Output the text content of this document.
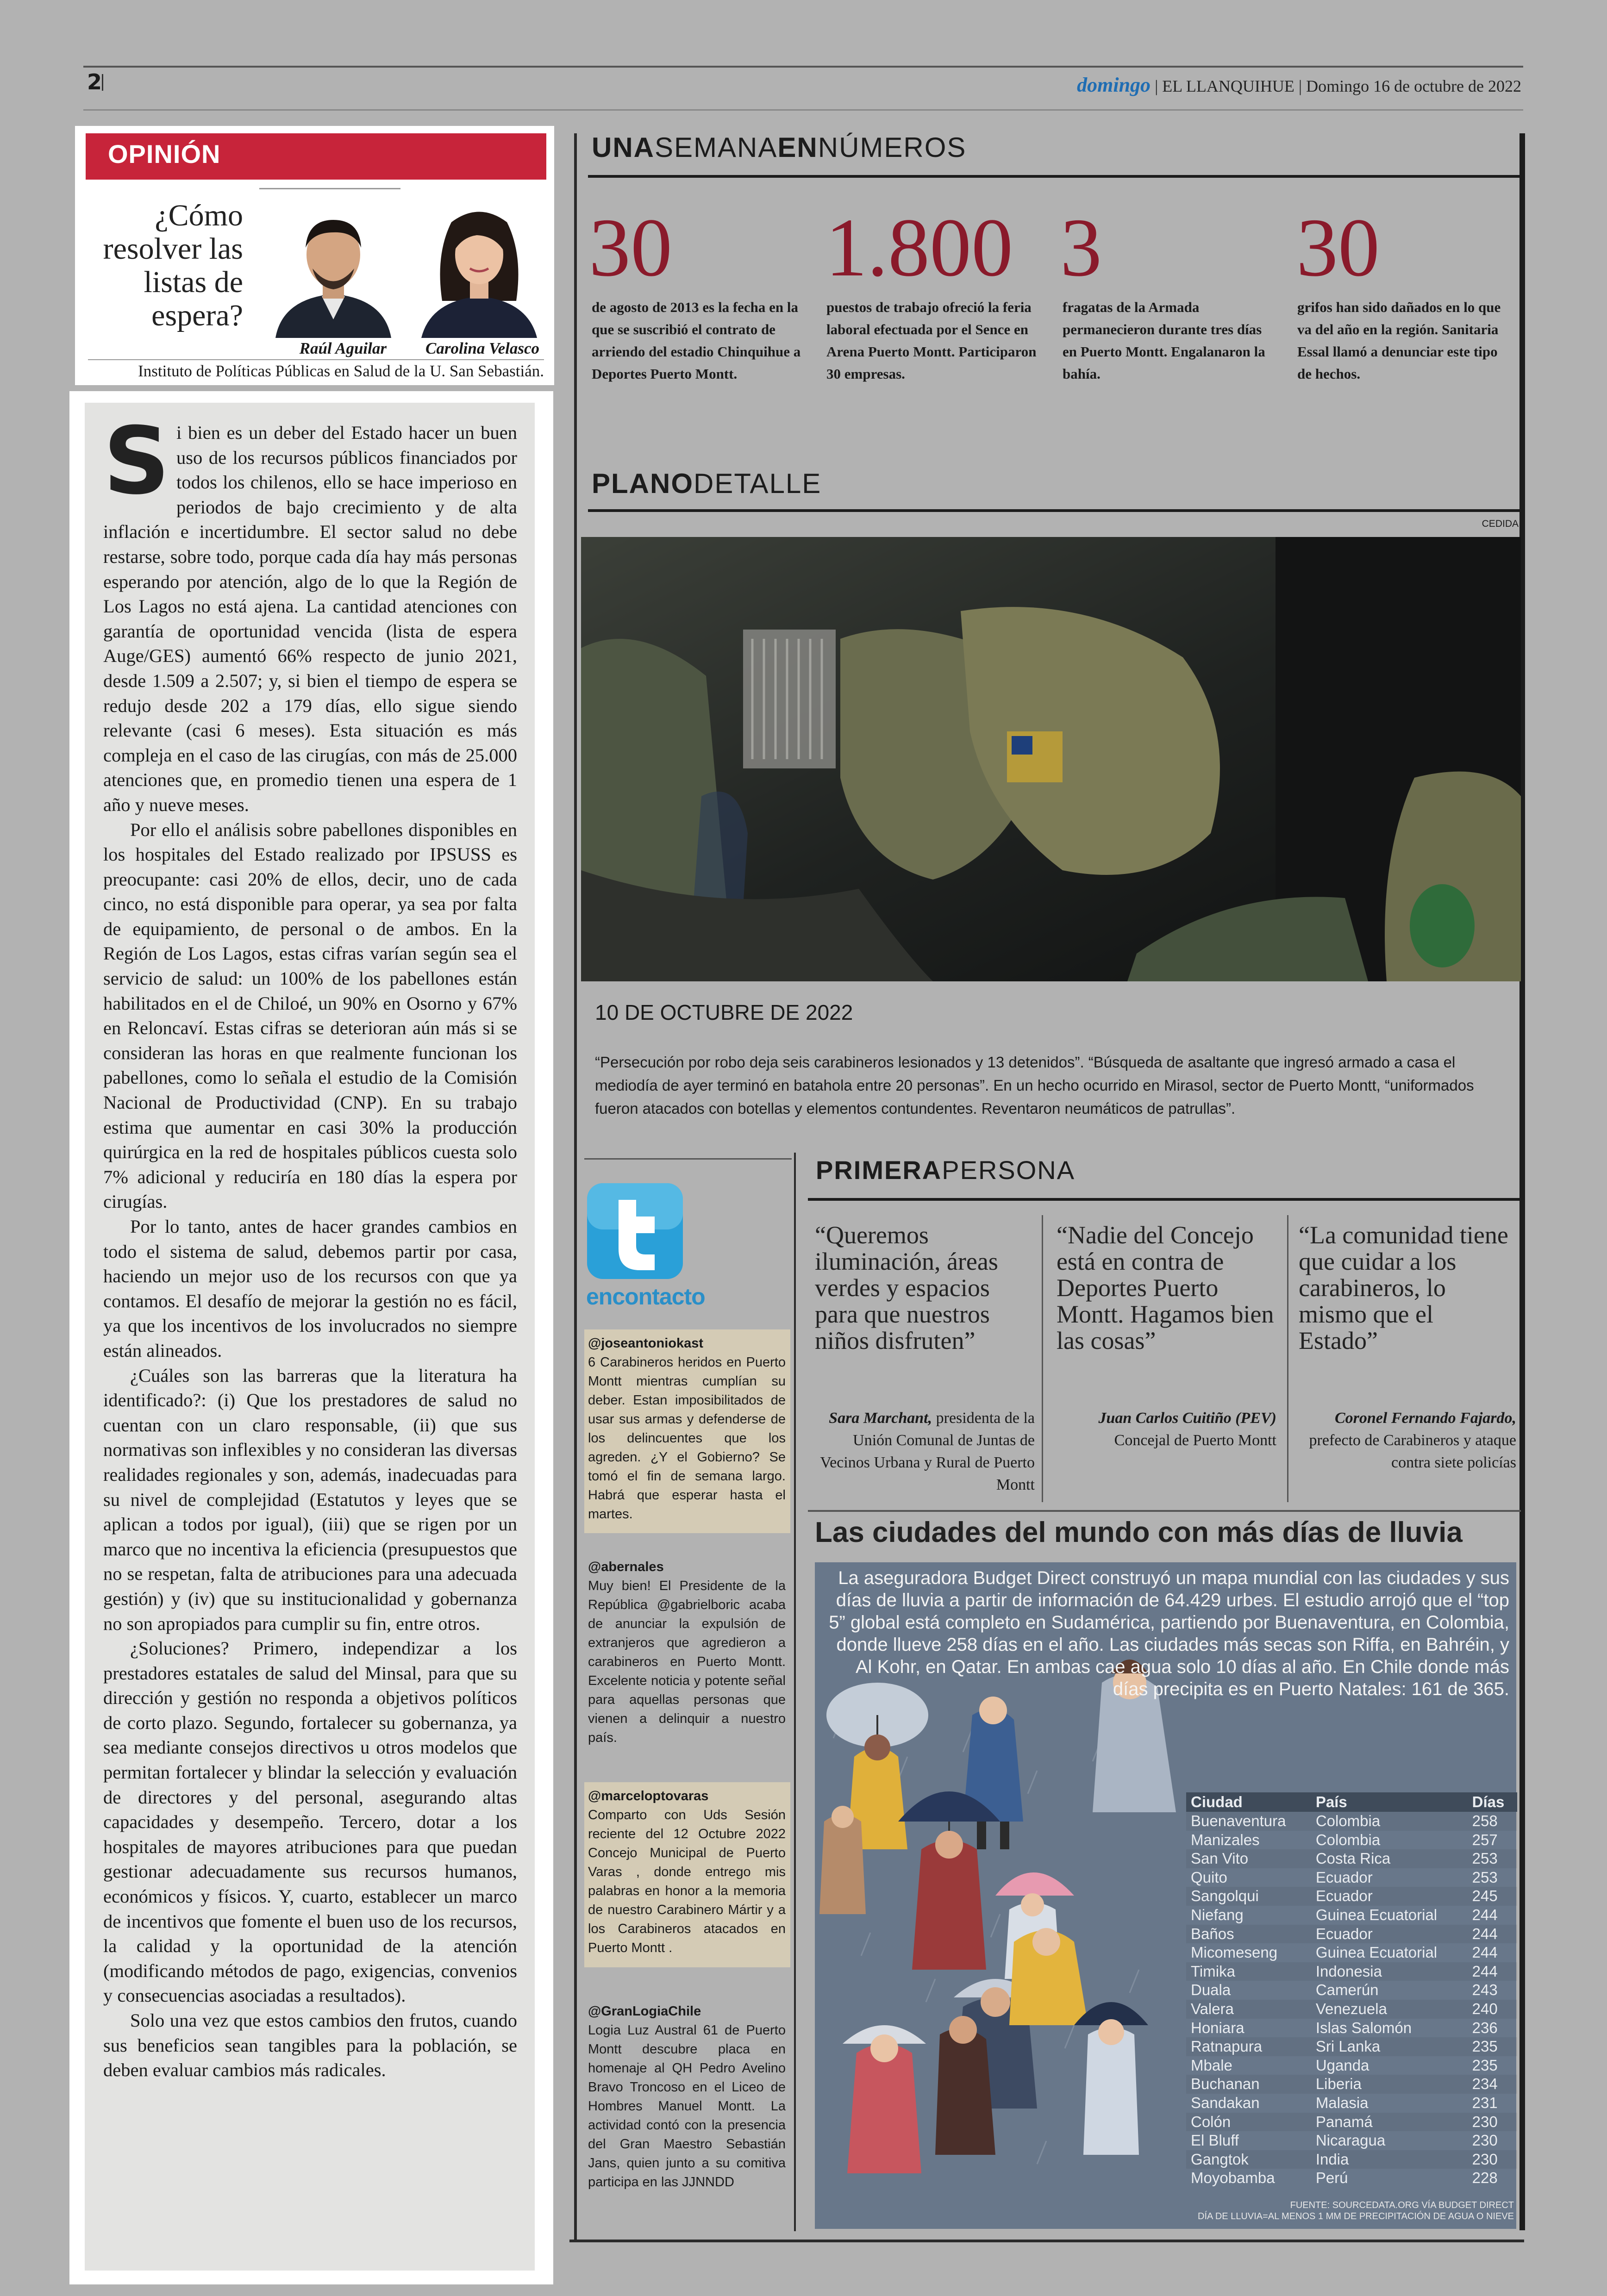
2	domingo | EL LLANQUIHUE | Domingo 16 de octubre de 2022
OPINIÓN
¿Cómo resolver las listas de espera?
Raúl Aguilar	Carolina Velasco
Instituto de Políticas Públicas en Salud de la U. San Sebastián.

Si bien es un deber del Estado hacer un buen uso de los recursos públicos financiados por todos los chilenos, ello se hace imperioso en periodos de bajo crecimiento y de alta inflación e incertidumbre. El sector salud no debe restarse, sobre todo, porque cada día hay más personas esperando por atención, algo de lo que la Región de Los Lagos no está ajena. La cantidad atenciones con garantía de oportunidad vencida (lista de espera Auge/GES) aumentó 66% respecto de junio 2021, desde 1.509 a 2.507; y, si bien el tiempo de espera se redujo desde 202 a 179 días, ello sigue siendo relevante (casi 6 meses). Esta situación es más compleja en el caso de las cirugías, con más de 25.000 atenciones que, en promedio tienen una espera de 1 año y nueve meses.

Por ello el análisis sobre pabellones disponibles en los hospitales del Estado realizado por IPSUSS es preocupante: casi 20% de ellos, decir, uno de cada cinco, no está disponible para operar, ya sea por falta de equipamiento, de personal o de ambos. En la Región de Los Lagos, estas cifras varían según sea el servicio de salud: un 100% de los pabellones están habilitados en el de Chiloé, un 90% en Osorno y 67% en Reloncaví. Estas cifras se deterioran aún más si se consideran las horas en que realmente funcionan los pabellones, como lo señala el estudio de la Comisión Nacional de Productividad (CNP). En su trabajo estima que aumentar en casi 30% la producción quirúrgica en la red de hospitales públicos cuesta solo 7% adicional y reduciría en 180 días la espera por cirugías.

Por lo tanto, antes de hacer grandes cambios en todo el sistema de salud, debemos partir por casa, haciendo un mejor uso de los recursos con que ya contamos. El desafío de mejorar la gestión no es fácil, ya que los incentivos de los involucrados no siempre están alineados.

¿Cuáles son las barreras que la literatura ha identificado?: (i) Que los prestadores de salud no cuentan con un claro responsable, (ii) que sus normativas son inflexibles y no consideran las diversas realidades regionales y son, además, inadecuadas para su nivel de complejidad (Estatutos y leyes que se aplican a todos por igual), (iii) que se rigen por un marco que no incentiva la eficiencia (presupuestos que no se respetan, falta de atribuciones para una adecuada gestión) y (iv) que su institucionalidad y gobernanza no son apropiados para cumplir su fin, entre otros.

¿Soluciones? Primero, independizar a los prestadores estatales de salud del Minsal, para que su dirección y gestión no responda a objetivos políticos de corto plazo. Segundo, fortalecer su gobernanza, ya sea mediante consejos directivos u otros modelos que permitan fortalecer y blindar la selección y evaluación de directores y del personal, asegurando altas capacidades y desempeño. Tercero, dotar a los hospitales de mayores atribuciones para que puedan gestionar adecuadamente sus recursos humanos, económicos y físicos. Y, cuarto, establecer un marco de incentivos que fomente el buen uso de los recursos, la calidad y la oportunidad de la atención (modificando métodos de pago, exigencias, convenios y consecuencias asociadas a resultados).

Solo una vez que estos cambios den frutos, cuando sus beneficios sean tangibles para la población, se deben evaluar cambios más radicales.

UNASEMANAENNÚMEROS
30
de agosto de 2013 es la fecha en la que se suscribió el contrato de arriendo del estadio Chinquihue a Deportes Puerto Montt.
1.800
puestos de trabajo ofreció la feria laboral efectuada por el Sence en Arena Puerto Montt. Participaron 30 empresas.
3
fragatas de la Armada permanecieron durante tres días en Puerto Montt. Engalanaron la bahía.
30
grifos han sido dañados en lo que va del año en la región. Sanitaria Essal llamó a denunciar este tipo de hechos.
PLANODETALLE
CEDIDA
10 DE OCTUBRE DE 2022
“Persecución por robo deja seis carabineros lesionados y 13 detenidos”. “Búsqueda de asaltante que ingresó armado a casa el mediodía de ayer terminó en batahola entre 20 personas”. En un hecho ocurrido en Mirasol, sector de Puerto Montt, “uniformados fueron atacados con botellas y elementos contundentes. Reventaron neumáticos de patrullas”.
encontacto
@joseantoniokast
6 Carabineros heridos en Puerto Montt mientras cumplían su deber. Estan imposibilitados de usar sus armas y defenderse de los delincuentes que los agreden. ¿Y el Gobierno? Se tomó el fin de semana largo. Habrá que esperar hasta el martes.
@abernales
Muy bien! El Presidente de la República @gabrielboric acaba de anunciar la expulsión de extranjeros que agredieron a carabineros en Puerto Montt. Excelente noticia y potente señal para aquellas personas que vienen a delinquir a nuestro país.
@marceloptovaras
Comparto con Uds Sesión reciente del 12 Octubre 2022 Concejo Municipal de Puerto Varas , donde entrego mis palabras en honor a la memoria de nuestro Carabinero Mártir y a los Carabineros atacados en Puerto Montt .
@GranLogiaChile
Logia Luz Austral 61 de Puerto Montt descubre placa en homenaje al QH Pedro Avelino Bravo Troncoso en el Liceo de Hombres Manuel Montt. La actividad contó con la presencia del Gran Maestro Sebastián Jans, quien junto a su comitiva participa en las JJNNDD
PRIMERAPERSONA
“Queremos iluminación, áreas verdes y espacios para que nuestros niños disfruten”
Sara Marchant, presidenta de la Unión Comunal de Juntas de Vecinos Urbana y Rural de Puerto Montt
“Nadie del Concejo está en contra de Deportes Puerto Montt. Hagamos bien las cosas”
Juan Carlos Cuitiño (PEV)
Concejal de Puerto Montt
“La comunidad tiene que cuidar a los carabineros, lo mismo que el Estado”
Coronel Fernando Fajardo, prefecto de Carabineros y ataque contra siete policías
Las ciudades del mundo con más días de lluvia
La aseguradora Budget Direct construyó un mapa mundial con las ciudades y sus días de lluvia a partir de información de 64.429 urbes. El estudio arrojó que el “top 5” global está completo en Sudamérica, partiendo por Buenaventura, en Colombia, donde llueve 258 días en el año. Las ciudades más secas son Riffa, en Bahréin, y Al Kohr, en Qatar. En ambas cae agua solo 10 días al año. En Chile donde más días precipita es en Puerto Natales: 161 de 365.
Ciudad	País	Días
Buenaventura	Colombia	258
Manizales	Colombia	257
San Vito	Costa Rica	253
Quito	Ecuador	253
Sangolqui	Ecuador	245
Niefang	Guinea Ecuatorial	244
Baños	Ecuador	244
Micomeseng	Guinea Ecuatorial	244
Timika	Indonesia	244
Duala	Camerún	243
Valera	Venezuela	240
Honiara	Islas Salomón	236
Ratnapura	Sri Lanka	235
Mbale	Uganda	235
Buchanan	Liberia	234
Sandakan	Malasia	231
Colón	Panamá	230
El Bluff	Nicaragua	230
Gangtok	India	230
Moyobamba	Perú	228
FUENTE: SOURCEDATA.ORG VÍA BUDGET DIRECT
DÍA DE LLUVIA=AL MENOS 1 MM DE PRECIPITACIÓN DE AGUA O NIEVE
